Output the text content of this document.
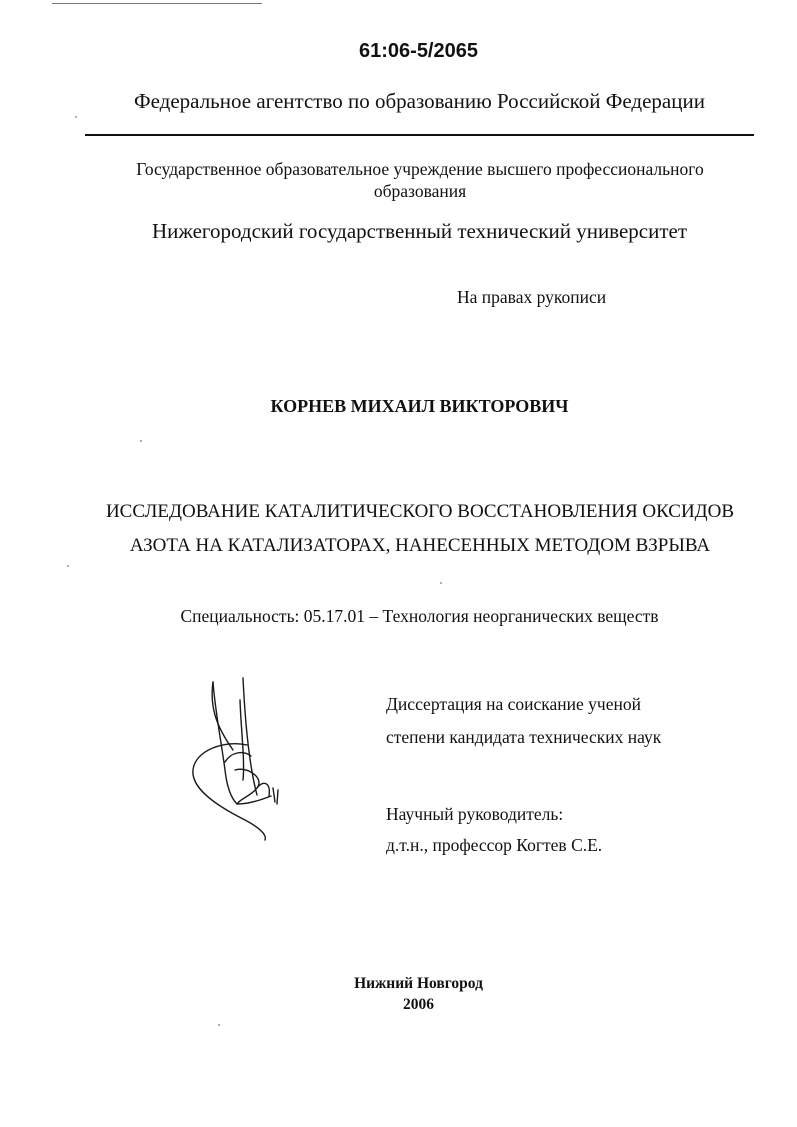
61:06-5/2065
Федеральное агентство по образованию Российской Федерации
Государственное образовательное учреждение высшего профессионального
образования
Нижегородский государственный технический университет
На правах рукописи
КОРНЕВ МИХАИЛ ВИКТОРОВИЧ
ИССЛЕДОВАНИЕ КАТАЛИТИЧЕСКОГО ВОССТАНОВЛЕНИЯ ОКСИДОВ
АЗОТА НА КАТАЛИЗАТОРАХ, НАНЕСЕННЫХ МЕТОДОМ ВЗРЫВА
Специальность: 05.17.01 – Технология неорганических веществ
Диссертация на соискание ученой
степени кандидата технических наук
Научный руководитель:
д.т.н., профессор Когтев С.Е.
Нижний Новгород
2006
